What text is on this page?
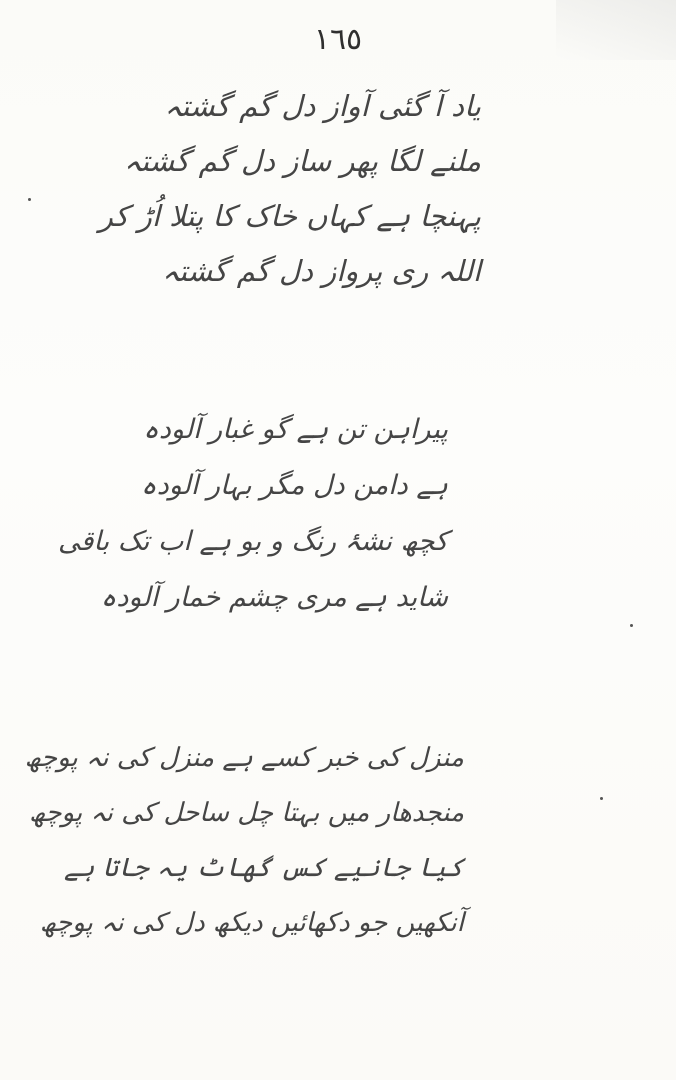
١٦٥
یاد آ گئی آواز دل گم گشتہ
ملنے لگا پھر ساز دل گم گشتہ
پہنچا ہے کہاں خاک کا پتلا اُڑ کر
اللہ ری پرواز دل گم گشتہ
پیراہن تن ہے گو غبار آلودہ
ہے دامن دل مگر بہار آلودہ
کچھ نشۂ رنگ و بو ہے اب تک باقی
شاید ہے مری چشم خمار آلودہ
منزل کی خبر کسے ہے منزل کی نہ پوچھ
منجدھار میں بہتا چل ساحل کی نہ پوچھ
کیا جانیے کس گھاٹ یہ جاتا ہے
آنکھیں جو دکھائیں دیکھ دل کی نہ پوچھ
